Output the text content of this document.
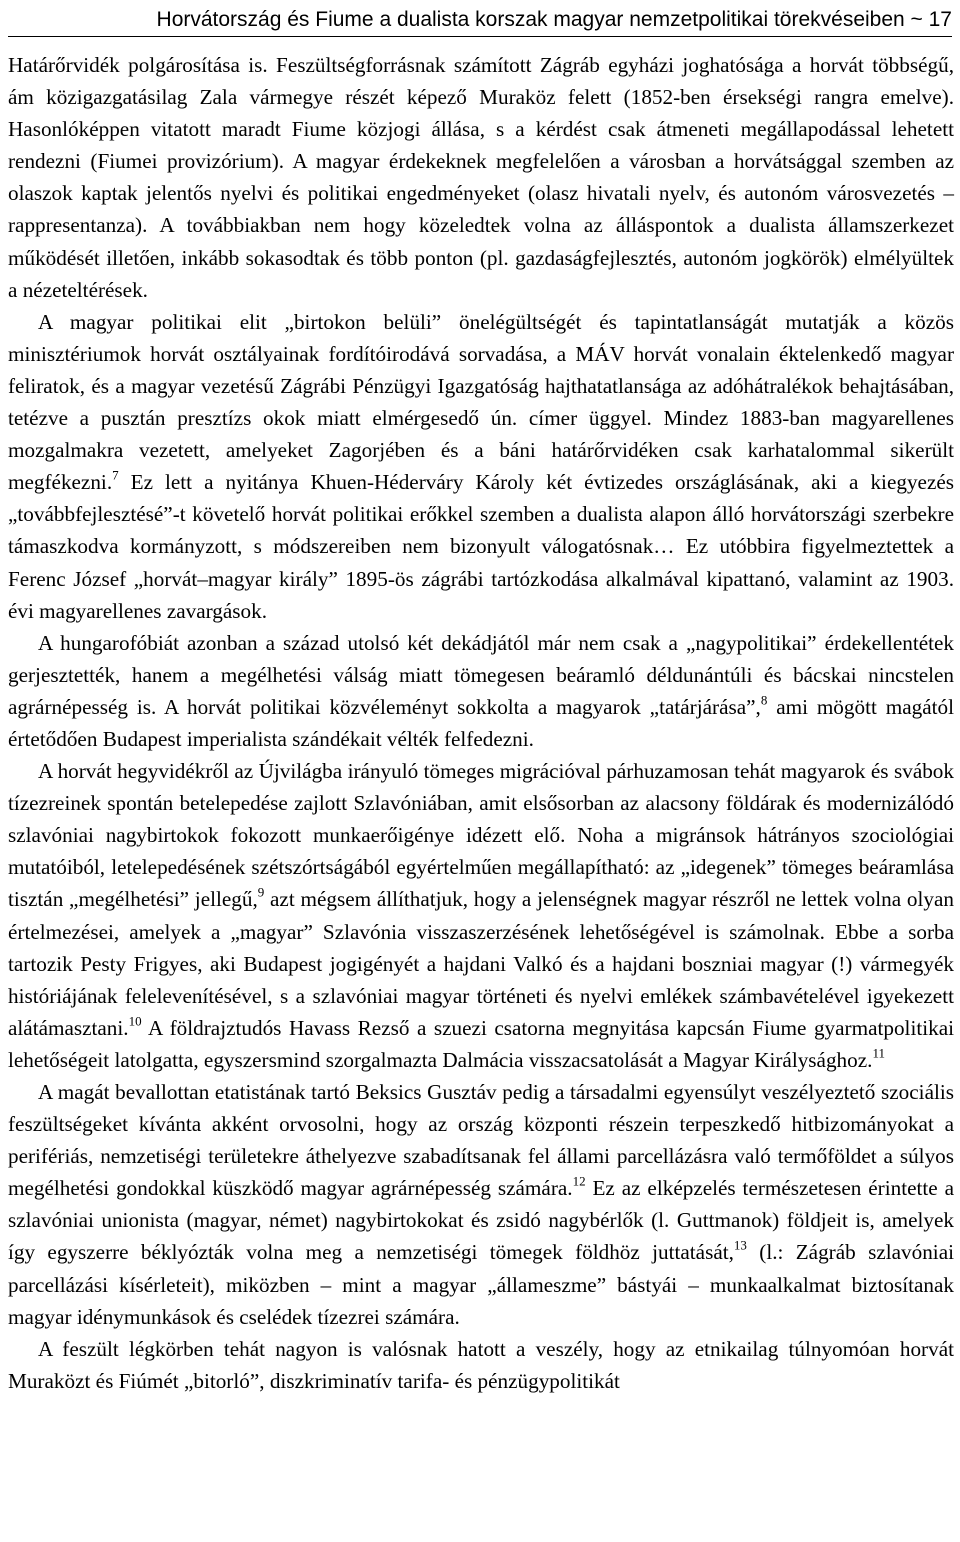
Horvátország és Fiume a dualista korszak magyar nemzetpolitikai törekvéseiben ~ 17

Határőrvidék polgárosítása is. Feszültségforrásnak számított Zágráb egyházi joghatósága a horvát többségű, ám közigazgatásilag Zala vármegye részét képező Muraköz felett (1852-ben érsekségi rangra emelve). Hasonlóképpen vitatott maradt Fiume közjogi állása, s a kérdést csak átmeneti megállapodással lehetett rendezni (Fiumei provizórium). A magyar érdekeknek megfelelően a városban a horvátsággal szemben az olaszok kaptak jelentős nyelvi és politikai engedményeket (olasz hivatali nyelv, és autonóm városvezetés – rappresentanza). A továbbiakban nem hogy közeledtek volna az álláspontok a dualista államszerkezet működését illetően, inkább sokasodtak és több ponton (pl. gazdaságfejlesztés, autonóm jogkörök) elmélyültek a nézeteltérések.

A magyar politikai elit „birtokon belüli” önelégültségét és tapintatlanságát mutatják a közös minisztériumok horvát osztályainak fordítóirodává sorvadása, a MÁV horvát vonalain éktelenkedő magyar feliratok, és a magyar vezetésű Zágrábi Pénzügyi Igazgatóság hajthatatlansága az adóhátralékok behajtásában, tetézve a pusztán presztízs okok miatt elmérgesedő ún. címer üggyel. Mindez 1883-ban magyarellenes mozgalmakra vezetett, amelyeket Zagorjében és a báni határőrvidéken csak karhatalommal sikerült megfékezni.$^7$ Ez lett a nyitánya Khuen-Héderváry Károly két évtizedes országlásának, aki a kiegyezés „továbbfejlesztésé”-t követelő horvát politikai erőkkel szemben a dualista alapon álló horvátországi szerbekre támaszkodva kormányzott, s módszereiben nem bizonyult válogatósnak… Ez utóbbira figyelmeztettek a Ferenc József „horvát–magyar király” 1895-ös zágrábi tartózkodása alkalmával kipattanó, valamint az 1903. évi magyarellenes zavargások.

A hungarofóbiát azonban a század utolsó két dekádjától már nem csak a „nagypolitikai” érdekellentétek gerjesztették, hanem a megélhetési válság miatt tömegesen beáramló déldunántúli és bácskai nincstelen agrárnépesség is. A horvát politikai közvéleményt sokkolta a magyarok „tatárjárása”,$^8$ ami mögött magától értetődően Budapest imperialista szándékait vélték felfedezni.

A horvát hegyvidékről az Újvilágba irányuló tömeges migrációval párhuzamosan tehát magyarok és svábok tízezreinek spontán betelepedése zajlott Szlavóniában, amit elsősorban az alacsony földárak és modernizálódó szlavóniai nagybirtokok fokozott munkaerőigénye idézett elő. Noha a migránsok hátrányos szociológiai mutatóiból, letelepedésének szétszórtságából egyértelműen megállapítható: az „idegenek” tömeges beáramlása tisztán „megélhetési” jellegű,$^9$ azt mégsem állíthatjuk, hogy a jelenségnek magyar részről ne lettek volna olyan értelmezései, amelyek a „magyar” Szlavónia visszaszerzésének lehetőségével is számolnak. Ebbe a sorba tartozik Pesty Frigyes, aki Budapest jogigényét a hajdani Valkó és a hajdani boszniai magyar (!) vármegyék históriájának felelevenítésével, s a szlavóniai magyar történeti és nyelvi emlékek számbavételével igyekezett alátámasztani.$^{10}$ A földrajztudós Havass Rezső a szuezi csatorna megnyitása kapcsán Fiume gyarmatpolitikai lehetőségeit latolgatta, egyszersmind szorgalmazta Dalmácia visszacsatolását a Magyar Királysághoz.$^{11}$

A magát bevallottan etatistának tartó Beksics Gusztáv pedig a társadalmi egyensúlyt veszélyeztető szociális feszültségeket kívánta akként orvosolni, hogy az ország központi részein terpeszkedő hitbizományokat a perifériás, nemzetiségi területekre áthelyezve szabadítsanak fel állami parcellázásra való termőföldet a súlyos megélhetési gondokkal küszködő magyar agrárnépesség számára.$^{12}$ Ez az elképzelés természetesen érintette a szlavóniai unionista (magyar, német) nagybirtokokat és zsidó nagybérlők (l. Guttmanok) földjeit is, amelyek így egyszerre béklyózták volna meg a nemzetiségi tömegek földhöz juttatását,$^{13}$ (l.: Zágráb szlavóniai parcellázási kísérleteit), miközben – mint a magyar „állameszme” bástyái – munkaalkalmat biztosítanak magyar idénymunkások és cselédek tízezrei számára.

A feszült légkörben tehát nagyon is valósnak hatott a veszély, hogy az etnikailag túlnyomóan horvát Muraközt és Fiúmét „bitorló”, diszkriminatív tarifa- és pénzügypolitikát
